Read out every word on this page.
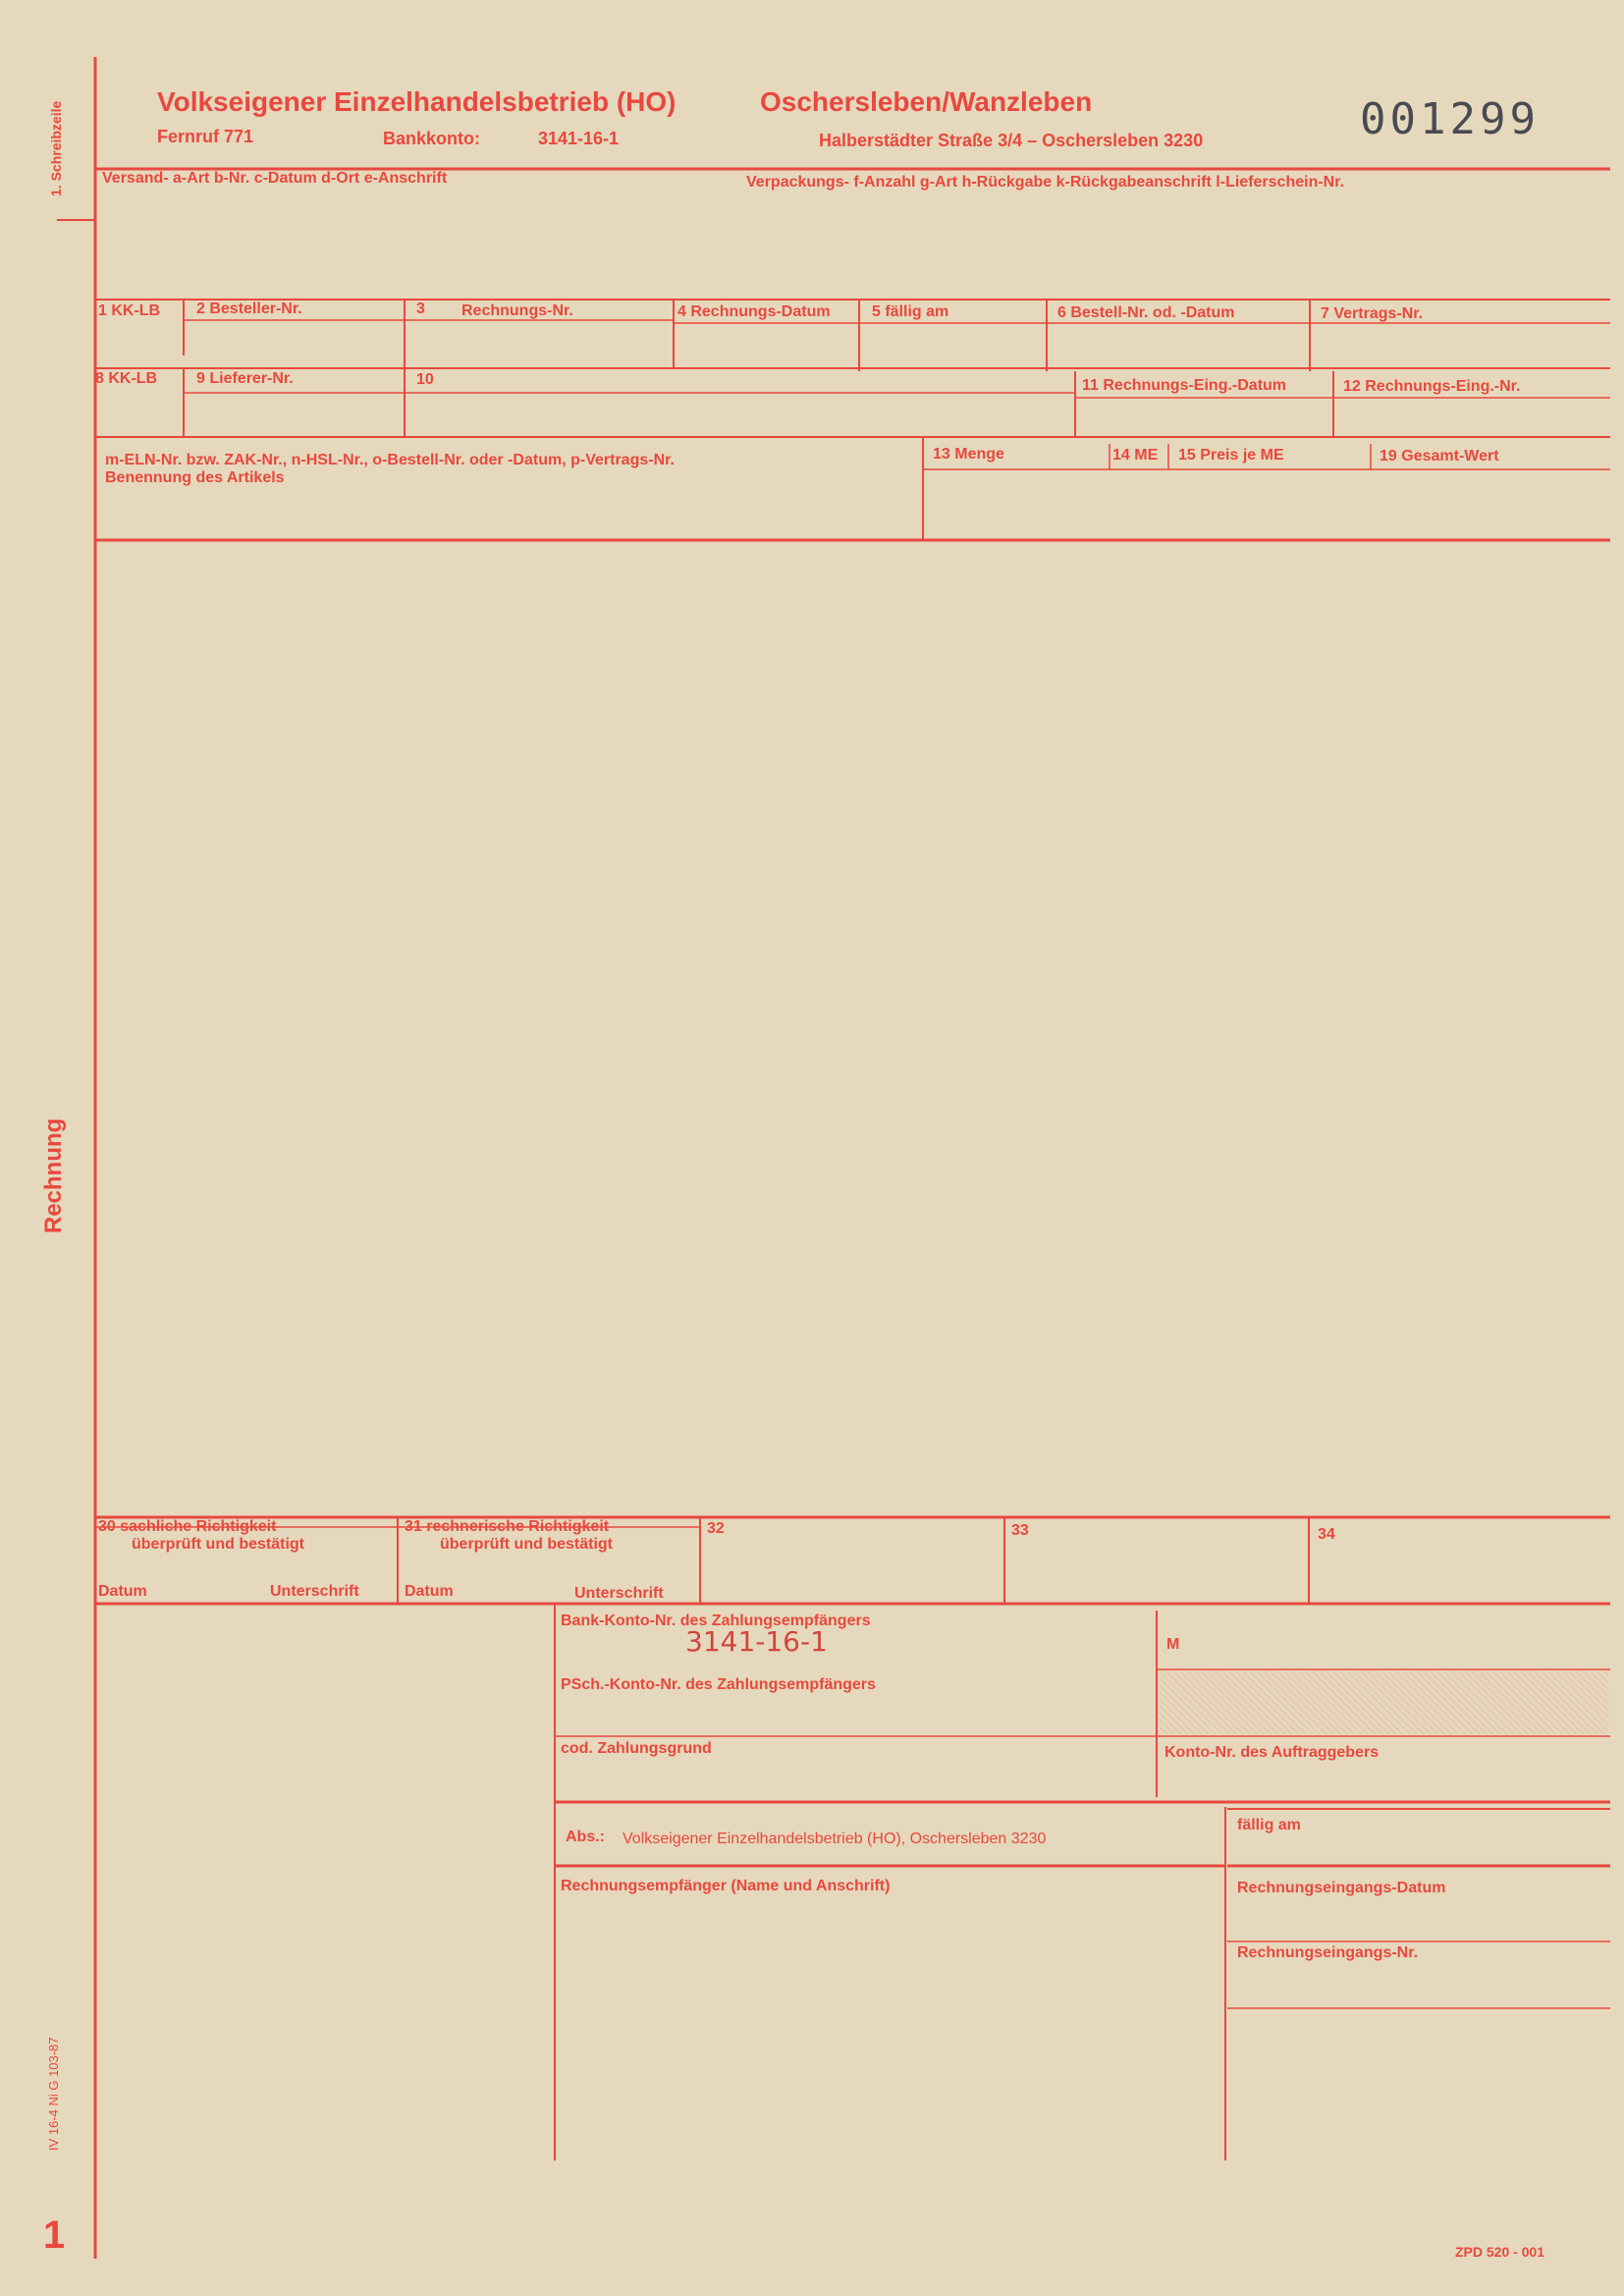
1. Schreibzeile
Rechnung
IV 16-4 Ni G 103-87
1
Volkseigener Einzelhandelsbetrieb (HO)	Oschersleben/Wanzleben
Fernruf 771	Bankkonto:	3141-16-1	Halberstädter Straße 3/4 – Oschersleben 3230	001299
Versand- a-Art b-Nr. c-Datum d-Ort e-Anschrift	Verpackungs- f-Anzahl g-Art h-Rückgabe k-Rückgabeanschrift l-Lieferschein-Nr.
1 KK-LB 2 Besteller-Nr.	3 Rechnungs-Nr.	4 Rechnungs-Datum	5 fällig am	6 Bestell-Nr. od. -Datum	7 Vertrags-Nr.
8 KK-LB 9 Lieferer-Nr.	10	11 Rechnungs-Eing.-Datum	12 Rechnungs-Eing.-Nr.
m-ELN-Nr. bzw. ZAK-Nr., n-HSL-Nr., o-Bestell-Nr. oder -Datum, p-Vertrags-Nr.
Benennung des Artikels
13 Menge	14 ME 15 Preis je ME	19 Gesamt-Wert
30 sachliche Richtigkeit
überprüft und bestätigt
Datum	Unterschrift
31 rechnerische Richtigkeit
überprüft und bestätigt
Datum	Unterschrift
32	33	34
Bank-Konto-Nr. des Zahlungsempfängers
3141-16-1	M
PSch.-Konto-Nr. des Zahlungsempfängers
cod. Zahlungsgrund	Konto-Nr. des Auftraggebers
Abs.: Volkseigener Einzelhandelsbetrieb (HO), Oschersleben 3230
fällig am
Rechnungsempfänger (Name und Anschrift)	Rechnungseingangs-Datum
Rechnungseingangs-Nr.
ZPD 520 - 001
